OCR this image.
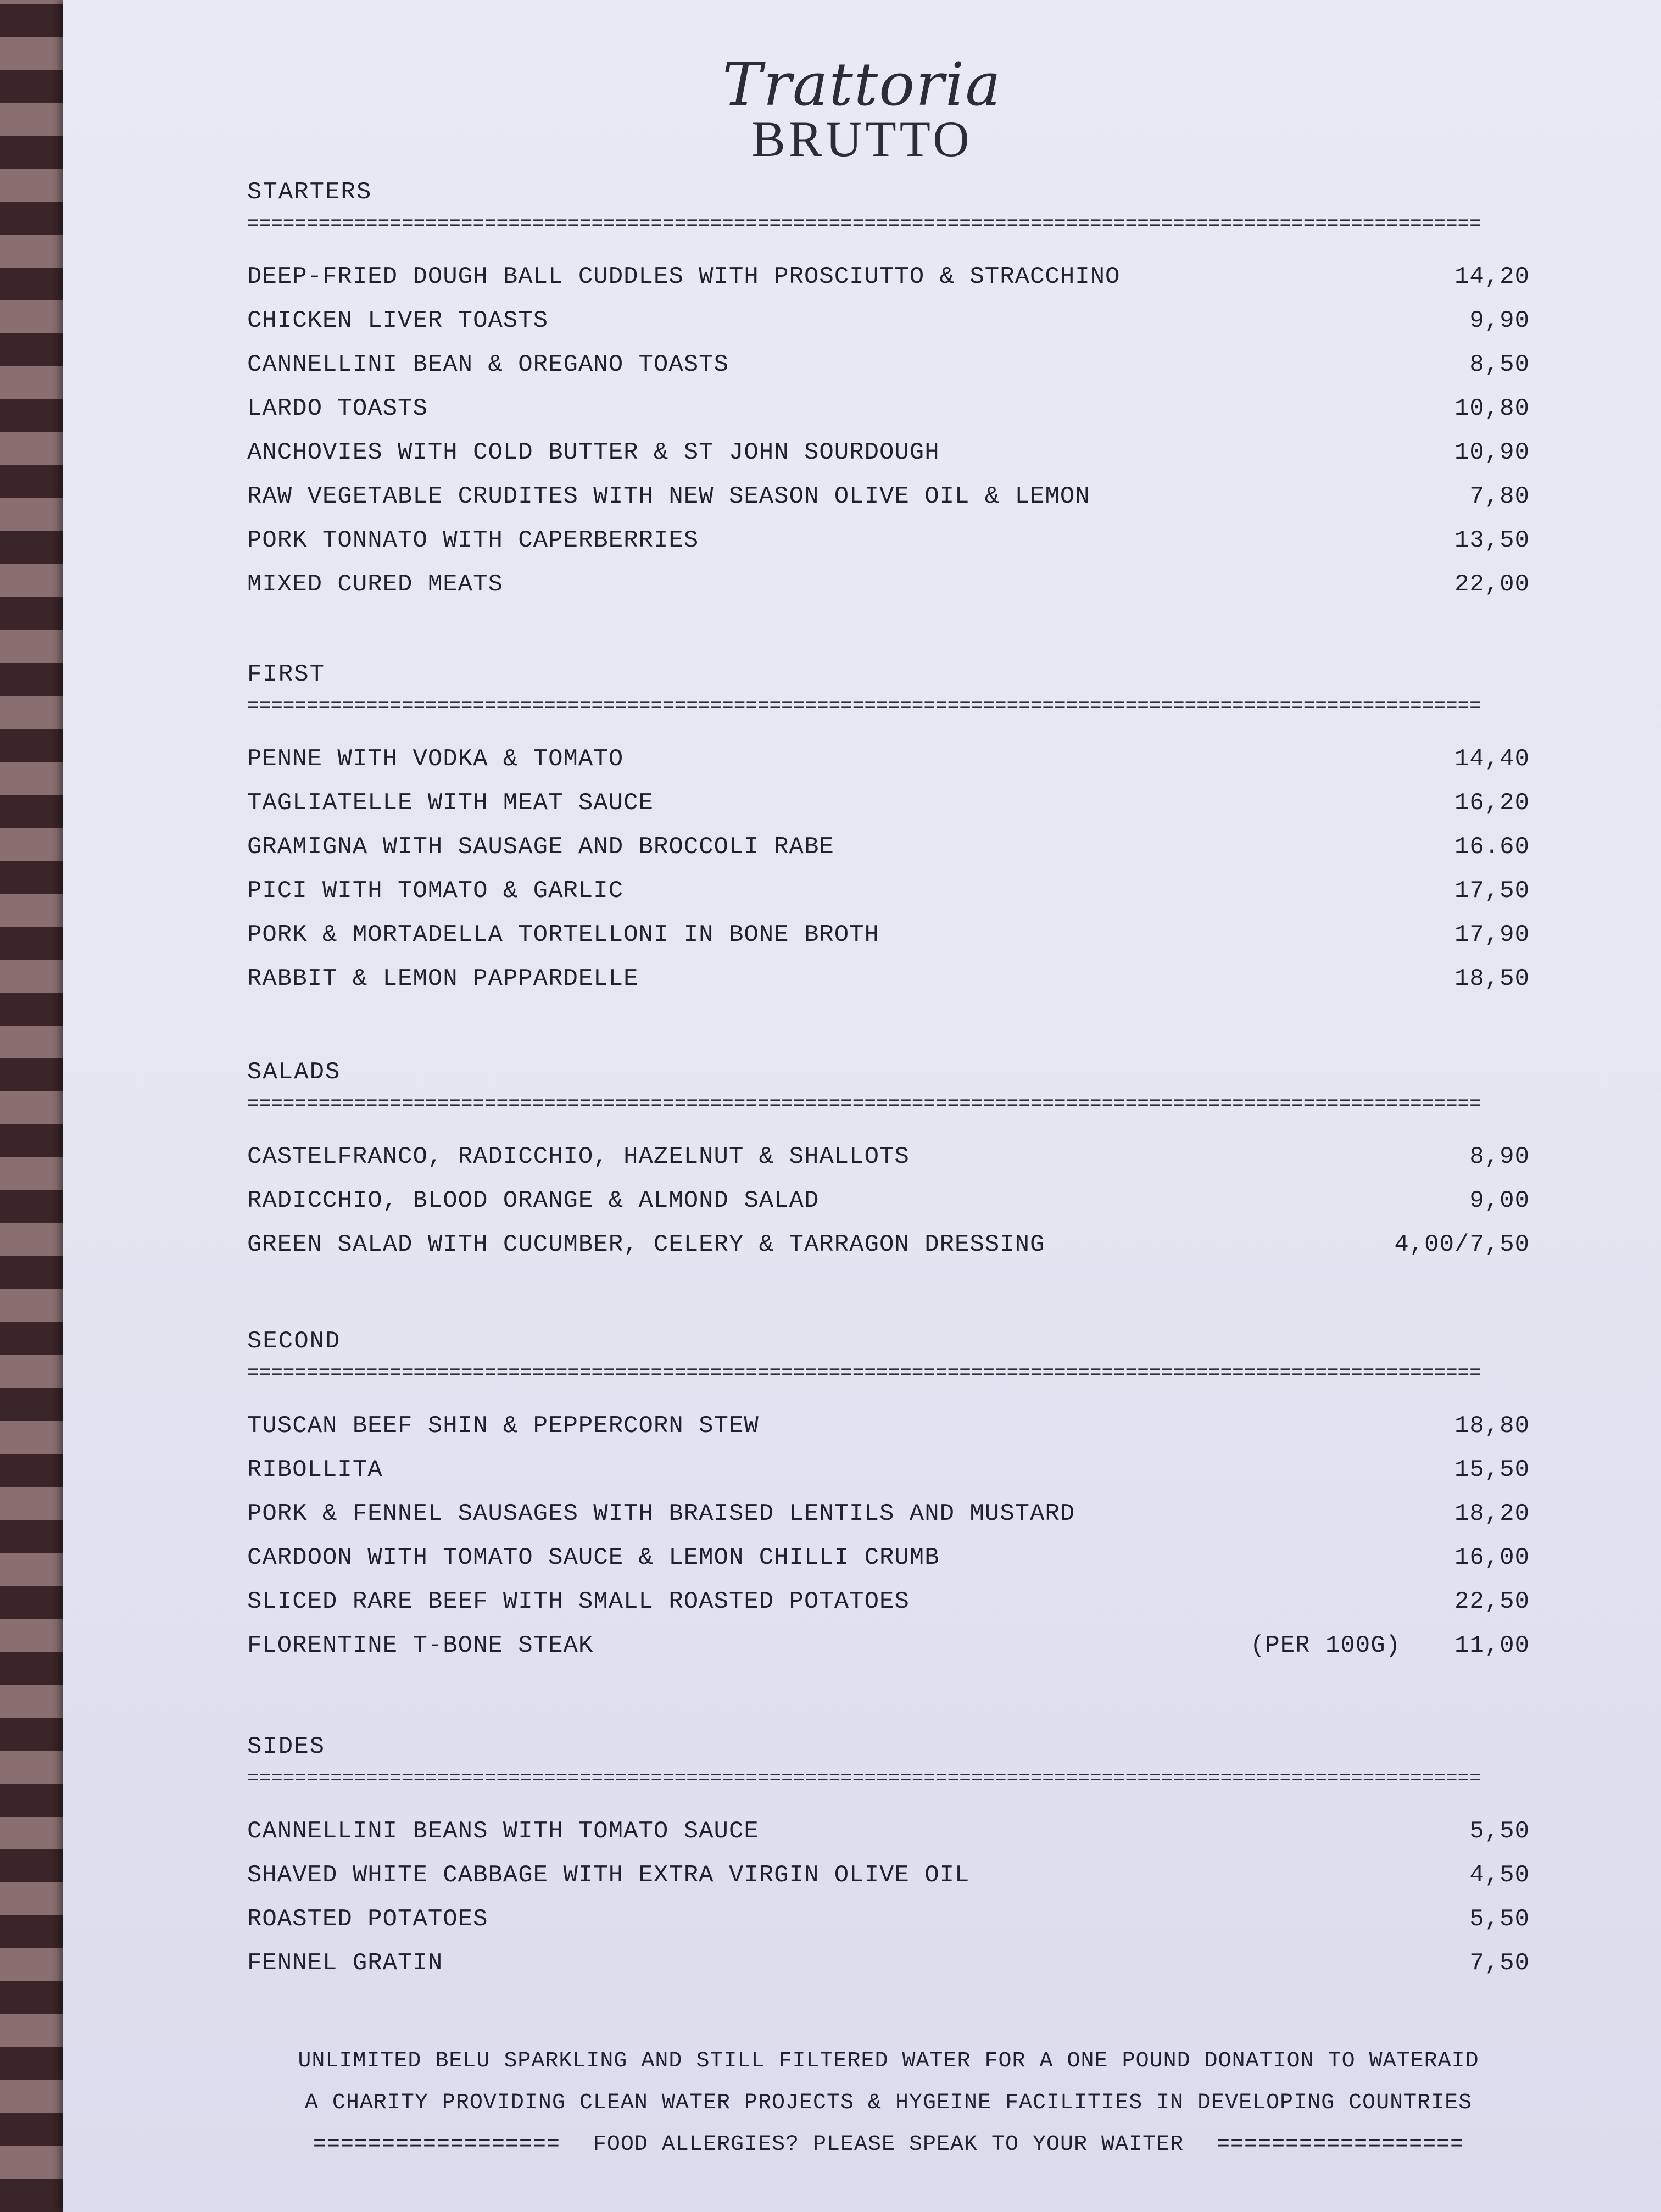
Trattoria
BRUTTO
STARTERS
========================================================================================================
DEEP-FRIED DOUGH BALL CUDDLES WITH PROSCIUTTO & STRACCHINO	14,20
CHICKEN LIVER TOASTS	9,90
CANNELLINI BEAN & OREGANO TOASTS	8,50
LARDO TOASTS	10,80
ANCHOVIES WITH COLD BUTTER & ST JOHN SOURDOUGH	10,90
RAW VEGETABLE CRUDITES WITH NEW SEASON OLIVE OIL & LEMON	7,80
PORK TONNATO WITH CAPERBERRIES	13,50
MIXED CURED MEATS	22,00
FIRST
========================================================================================================
PENNE WITH VODKA & TOMATO	14,40
TAGLIATELLE WITH MEAT SAUCE	16,20
GRAMIGNA WITH SAUSAGE AND BROCCOLI RABE	16.60
PICI WITH TOMATO & GARLIC	17,50
PORK & MORTADELLA TORTELLONI IN BONE BROTH	17,90
RABBIT & LEMON PAPPARDELLE	18,50
SALADS
========================================================================================================
CASTELFRANCO, RADICCHIO, HAZELNUT & SHALLOTS	8,90
RADICCHIO, BLOOD ORANGE & ALMOND SALAD	9,00
GREEN SALAD WITH CUCUMBER, CELERY & TARRAGON DRESSING	4,00/7,50
SECOND
========================================================================================================
TUSCAN BEEF SHIN & PEPPERCORN STEW	18,80
RIBOLLITA	15,50
PORK & FENNEL SAUSAGES WITH BRAISED LENTILS AND MUSTARD	18,20
CARDOON WITH TOMATO SAUCE & LEMON CHILLI CRUMB	16,00
SLICED RARE BEEF WITH SMALL ROASTED POTATOES	22,50
FLORENTINE T-BONE STEAK	(PER 100G) 11,00
SIDES
========================================================================================================
CANNELLINI BEANS WITH TOMATO SAUCE	5,50
SHAVED WHITE CABBAGE WITH EXTRA VIRGIN OLIVE OIL	4,50
ROASTED POTATOES	5,50
FENNEL GRATIN	7,50
UNLIMITED BELU SPARKLING AND STILL FILTERED WATER FOR A ONE POUND DONATION TO WATERAID
A CHARITY PROVIDING CLEAN WATER PROJECTS & HYGEINE FACILITIES IN DEVELOPING COUNTRIES
================== FOOD ALLERGIES? PLEASE SPEAK TO YOUR WAITER ==================
